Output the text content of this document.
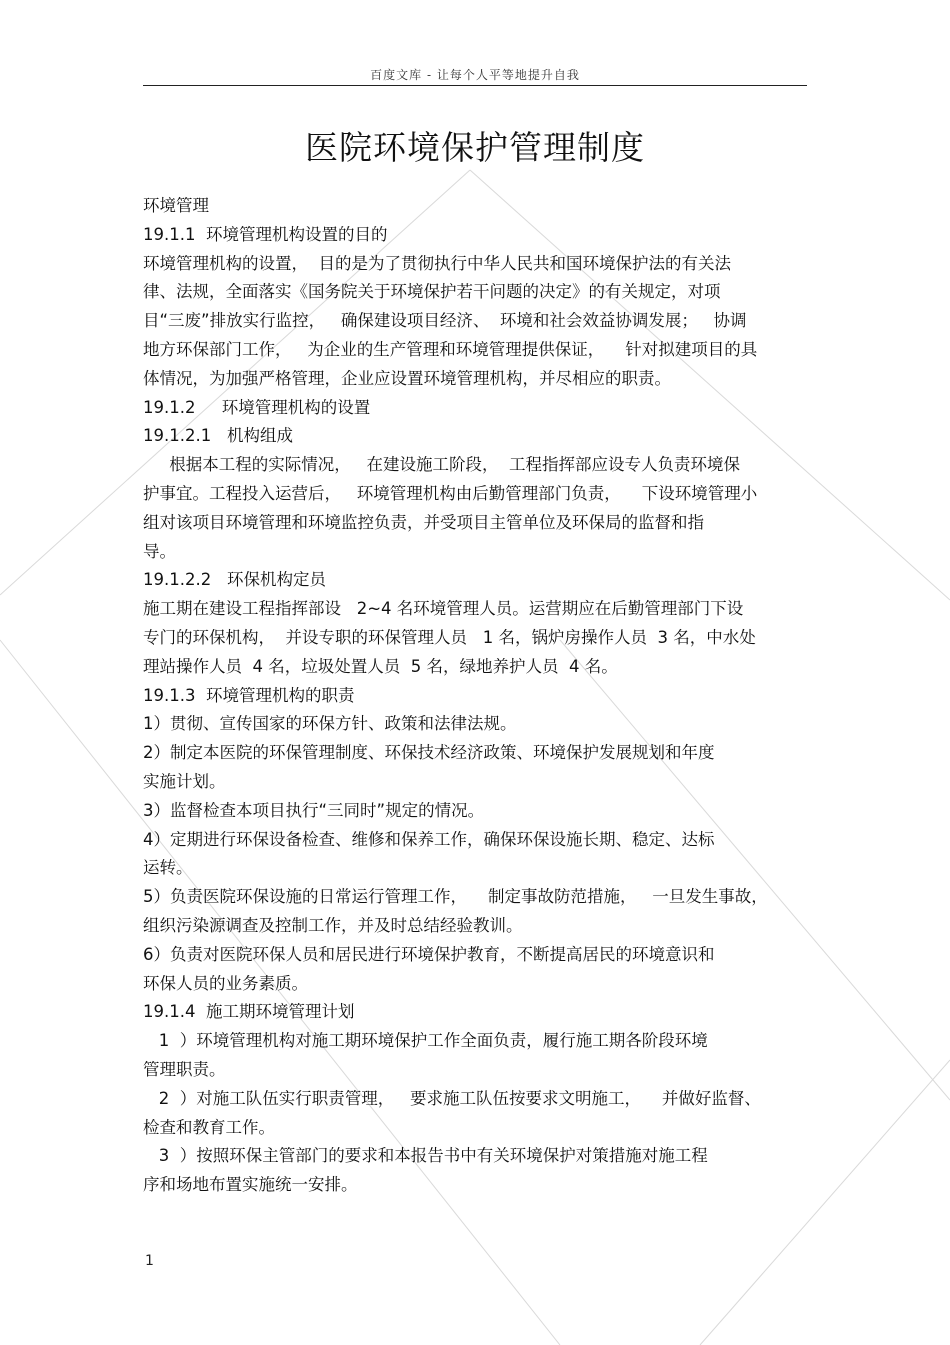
百度文库 - 让每个人平等地提升自我
医院环境保护管理制度
环境管理
19.1.1  环境管理机构设置的目的
环境管理机构的设置，  目的是为了贯彻执行中华人民共和国环境保护法的有关法
律、法规，全面落实《国务院关于环境保护若干问题的决定》的有关规定，对项
目“三废”排放实行监控，   确保建设项目经济、  环境和社会效益协调发展；   协调
地方环保部门工作，   为企业的生产管理和环境管理提供保证，    针对拟建项目的具
体情况，为加强严格管理，企业应设置环境管理机构，并尽相应的职责。
19.1.2     环境管理机构的设置
19.1.2.1   机构组成
根据本工程的实际情况，   在建设施工阶段，  工程指挥部应设专人负责环境保
护事宜。工程投入运营后，   环境管理机构由后勤管理部门负责，    下设环境管理小
组对该项目环境管理和环境监控负责，并受项目主管单位及环保局的监督和指
导。
19.1.2.2   环保机构定员
施工期在建设工程指挥部设   2~4 名环境管理人员。运营期应在后勤管理部门下设
专门的环保机构，  并设专职的环保管理人员   1 名，锅炉房操作人员  3 名，中水处
理站操作人员  4 名，垃圾处置人员  5 名，绿地养护人员  4 名。
19.1.3  环境管理机构的职责
1）贯彻、宣传国家的环保方针、政策和法律法规。
2）制定本医院的环保管理制度、环保技术经济政策、环境保护发展规划和年度
实施计划。
3）监督检查本项目执行“三同时”规定的情况。
4）定期进行环保设备检查、维修和保养工作，确保环保设施长期、稳定、达标
运转。
5）负责医院环保设施的日常运行管理工作，    制定事故防范措施，   一旦发生事故，
组织污染源调查及控制工作，并及时总结经验教训。
6）负责对医院环保人员和居民进行环境保护教育，不断提高居民的环境意识和
环保人员的业务素质。
19.1.4  施工期环境管理计划
1  ）环境管理机构对施工期环境保护工作全面负责，履行施工期各阶段环境
管理职责。
2  ）对施工队伍实行职责管理，   要求施工队伍按要求文明施工，    并做好监督、
检查和教育工作。
3  ）按照环保主管部门的要求和本报告书中有关环境保护对策措施对施工程
序和场地布置实施统一安排。
1
